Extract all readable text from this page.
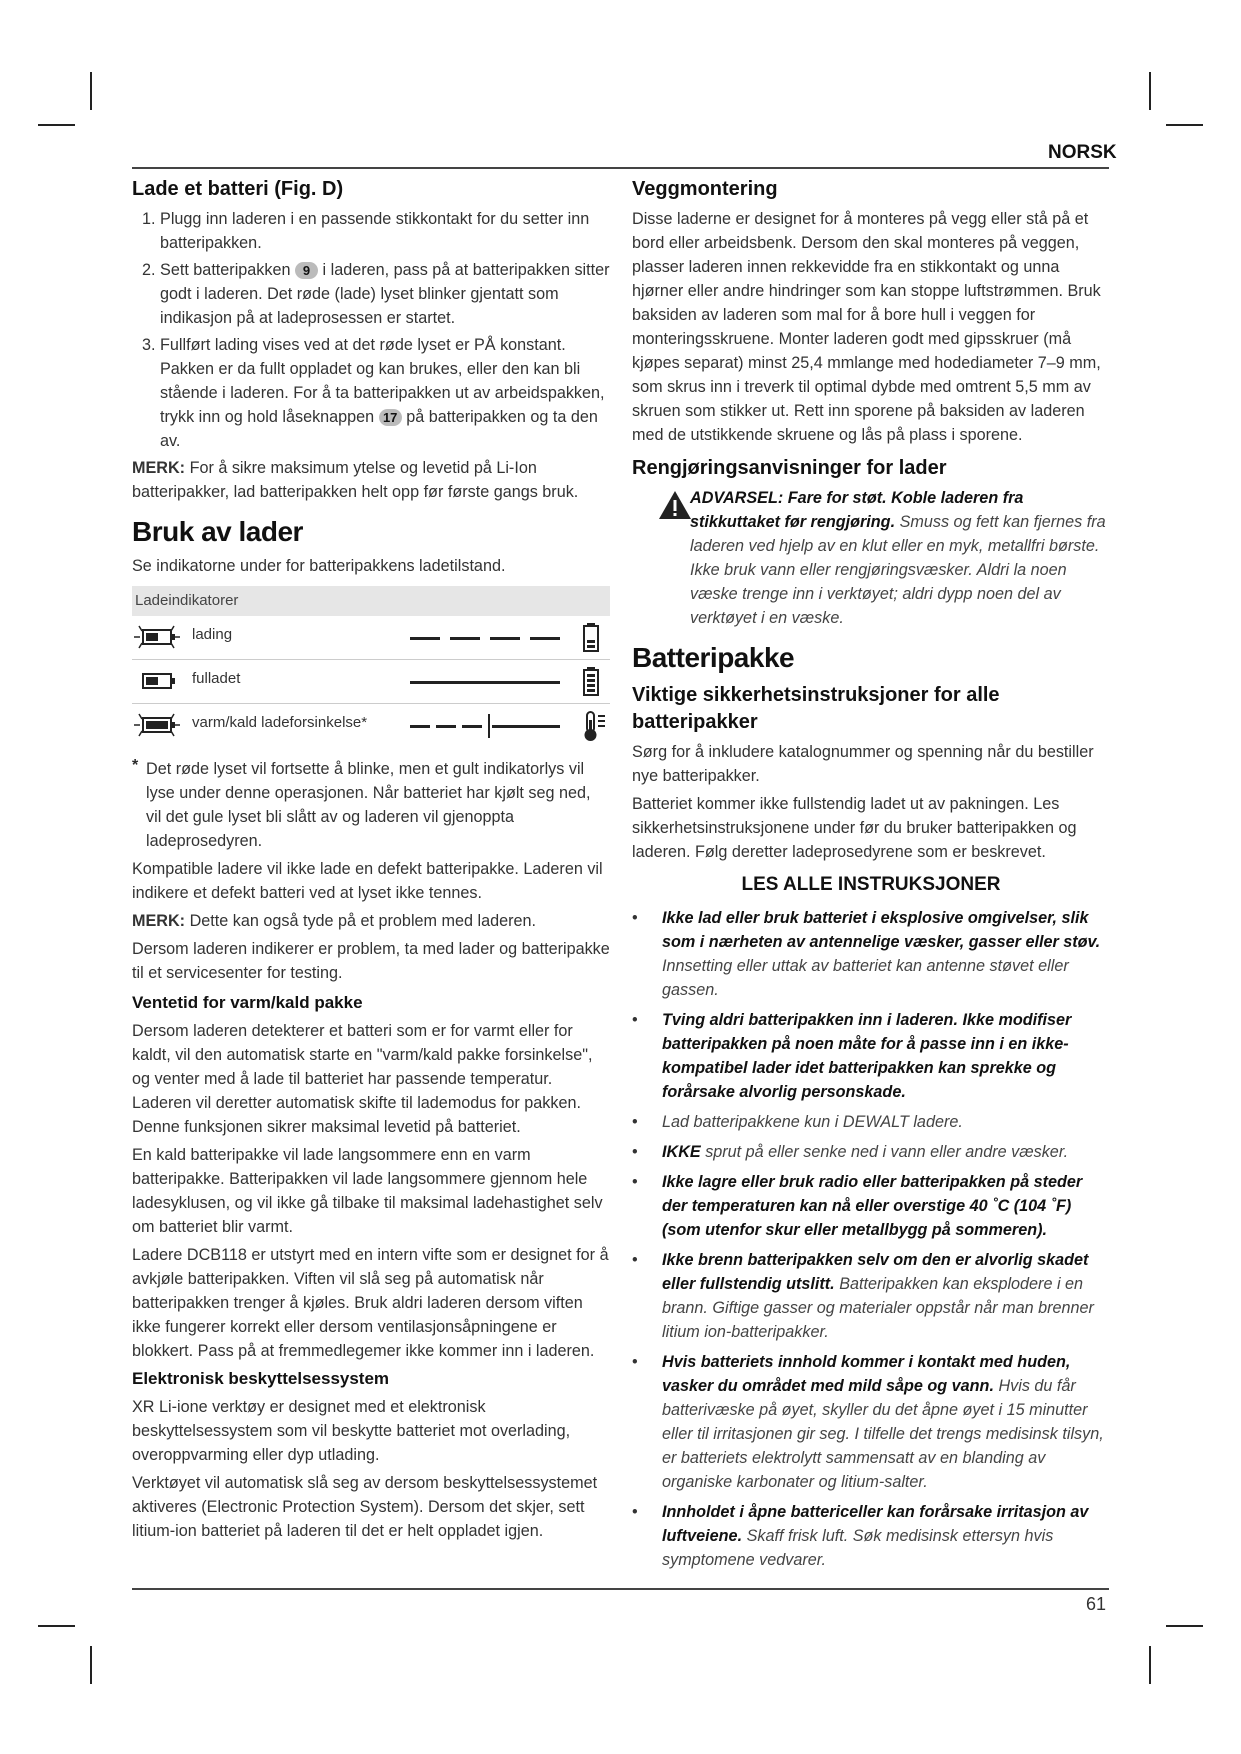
NORSK
Lade et batteri (Fig. D)
1. Plugg inn laderen i en passende stikkontakt for du setter inn batteripakken.
2. Sett batteripakken 9 i laderen, pass på at batteripakken sitter godt i laderen. Det røde (lade) lyset blinker gjentatt som indikasjon på at ladeprosessen er startet.
3. Fullført lading vises ved at det røde lyset er PÅ konstant. Pakken er da fullt oppladet og kan brukes, eller den kan bli stående i laderen. For å ta batteripakken ut av arbeidspakken, trykk inn og hold låseknappen 17 på batteripakken og ta den av.

MERK: For å sikre maksimum ytelse og levetid på Li-Ion batteripakker, lad batteripakken helt opp før første gangs bruk.

Bruk av lader

Se indikatorne under for batteripakkens ladetilstand.

Ladeindikatorer
lading
fulladet
varm/kald ladeforsinkelse*
* Det røde lyset vil fortsette å blinke, men et gult indikatorlys vil lyse under denne operasjonen. Når batteriet har kjølt seg ned, vil det gule lyset bli slått av og laderen vil gjenoppta ladeprosedyren.

Kompatible ladere vil ikke lade en defekt batteripakke. Laderen vil indikere et defekt batteri ved at lyset ikke tennes.

MERK: Dette kan også tyde på et problem med laderen.

Dersom laderen indikerer er problem, ta med lader og batteripakke til et servicesenter for testing.

Ventetid for varm/kald pakke

Dersom laderen detekterer et batteri som er for varmt eller for kaldt, vil den automatisk starte en "varm/kald pakke forsinkelse", og venter med å lade til batteriet har passende temperatur. Laderen vil deretter automatisk skifte til lademodus for pakken. Denne funksjonen sikrer maksimal levetid på batteriet.

En kald batteripakke vil lade langsommere enn en varm batteripakke. Batteripakken vil lade langsommere gjennom hele ladesyklusen, og vil ikke gå tilbake til maksimal ladehastighet selv om batteriet blir varmt.

Ladere DCB118 er utstyrt med en intern vifte som er designet for å avkjøle batteripakken. Viften vil slå seg på automatisk når batteripakken trenger å kjøles. Bruk aldri laderen dersom viften ikke fungerer korrekt eller dersom ventilasjonsåpningene er blokkert. Pass på at fremmedlegemer ikke kommer inn i laderen.

Elektronisk beskyttelsessystem

XR Li-ione verktøy er designet med et elektronisk beskyttelsessystem som vil beskytte batteriet mot overlading, overoppvarming eller dyp utlading.

Verktøyet vil automatisk slå seg av dersom beskyttelsessystemet aktiveres (Electronic Protection System). Dersom det skjer, sett litium-ion batteriet på laderen til det er helt oppladet igjen.

Veggmontering

Disse laderne er designet for å monteres på vegg eller stå på et bord eller arbeidsbenk. Dersom den skal monteres på veggen, plasser laderen innen rekkevidde fra en stikkontakt og unna hjørner eller andre hindringer som kan stoppe luftstrømmen. Bruk baksiden av laderen som mal for å bore hull i veggen for monteringsskruene. Monter laderen godt med gipsskruer (må kjøpes separat) minst 25,4 mmlange med hodediameter 7–9 mm, som skrus inn i treverk til optimal dybde med omtrent 5,5 mm av skruen som stikker ut. Rett inn sporene på baksiden av laderen med de utstikkende skruene og lås på plass i sporene.

Rengjøringsanvisninger for lader
ADVARSEL: Fare for støt. Koble laderen fra stikkuttaket før rengjøring. Smuss og fett kan fjernes fra laderen ved hjelp av en klut eller en myk, metallfri børste. Ikke bruk vann eller rengjøringsvæsker. Aldri la noen væske trenge inn i verktøyet; aldri dypp noen del av verktøyet i en væske.
Batteripakke
Viktige sikkerhetsinstruksjoner for alle batteripakker

Sørg for å inkludere katalognummer og spenning når du bestiller nye batteripakker.

Batteriet kommer ikke fullstendig ladet ut av pakningen. Les sikkerhetsinstruksjonene under før du bruker batteripakken og laderen. Følg deretter ladeprosedyrene som er beskrevet.

LES ALLE INSTRUKSJONER
• Ikke lad eller bruk batteriet i eksplosive omgivelser, slik som i nærheten av antennelige væsker, gasser eller støv. Innsetting eller uttak av batteriet kan antenne støvet eller gassen.
• Tving aldri batteripakken inn i laderen. Ikke modifiser batteripakken på noen måte for å passe inn i en ikke-kompatibel lader idet batteripakken kan sprekke og forårsake alvorlig personskade.
• Lad batteripakkene kun i DEWALT ladere.
• IKKE sprut på eller senke ned i vann eller andre væsker.
• Ikke lagre eller bruk radio eller batteripakken på steder der temperaturen kan nå eller overstige 40 ˚C (104 ˚F) (som utenfor skur eller metallbygg på sommeren).
• Ikke brenn batteripakken selv om den er alvorlig skadet eller fullstendig utslitt. Batteripakken kan eksplodere i en brann. Giftige gasser og materialer oppstår når man brenner litium ion-batteripakker.
• Hvis batteriets innhold kommer i kontakt med huden, vasker du området med mild såpe og vann. Hvis du får batterivæske på øyet, skyller du det åpne øyet i 15 minutter eller til irritasjonen gir seg. I tilfelle det trengs medisinsk tilsyn, er batteriets elektrolytt sammensatt av en blanding av organiske karbonater og litium-salter.
• Innholdet i åpne battericeller kan forårsake irritasjon av luftveiene. Skaff frisk luft. Søk medisinsk ettersyn hvis symptomene vedvarer.
61
